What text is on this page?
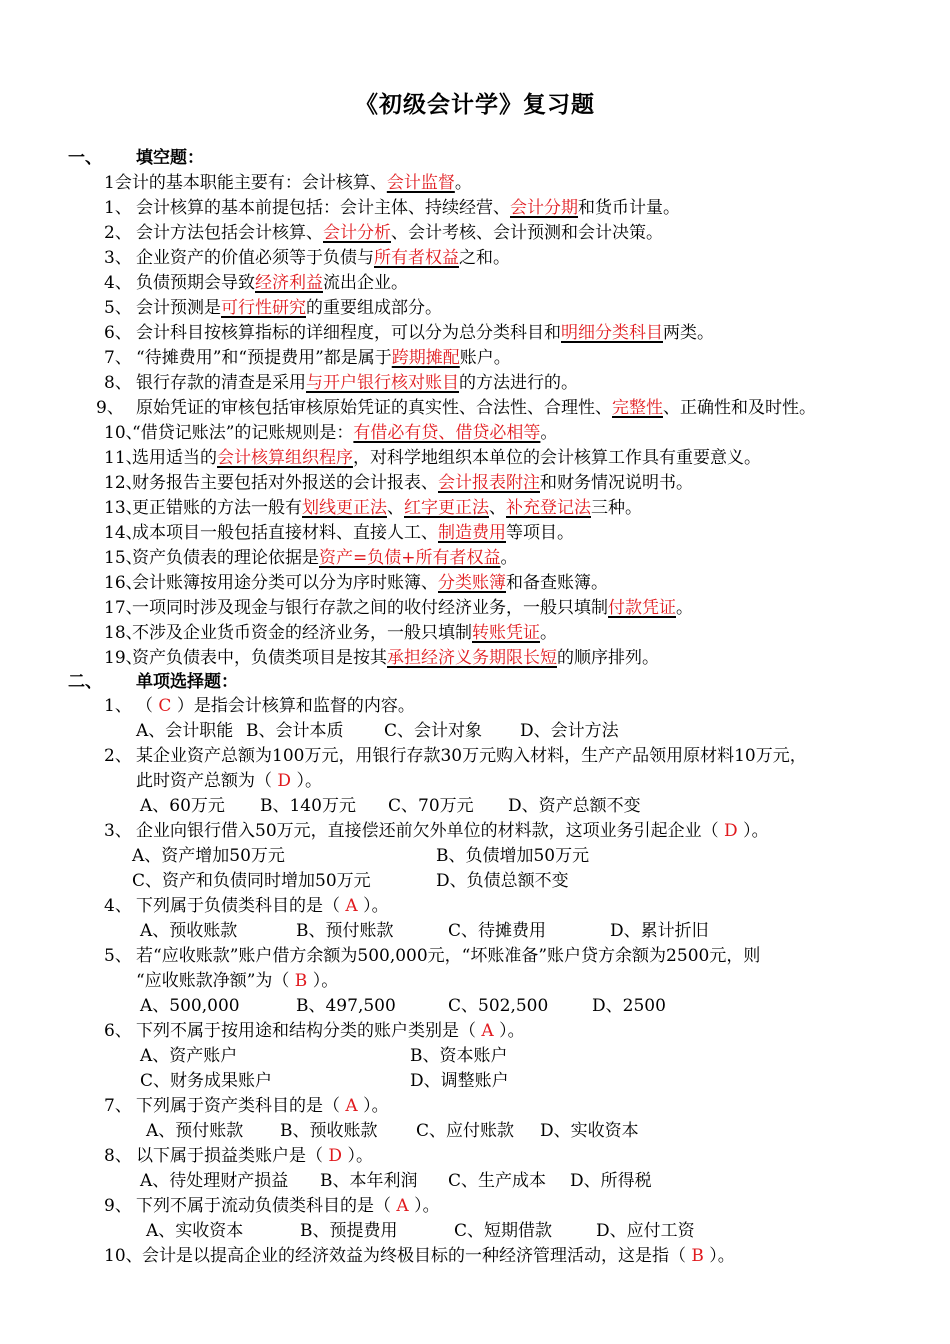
《初级会计学》复习题
一、 填空题：
1会计的基本职能主要有：会计核算、会计监督。
1、 会计核算的基本前提包括：会计主体、持续经营、会计分期和货币计量。
2、 会计方法包括会计核算、会计分析、会计考核、会计预测和会计决策。
3、 企业资产的价值必须等于负债与所有者权益之和。
4、 负债预期会导致经济利益流出企业。
5、 会计预测是可行性研究的重要组成部分。
6、 会计科目按核算指标的详细程度，可以分为总分类科目和明细分类科目两类。
7、 “待摊费用”和“预提费用”都是属于跨期摊配账户。
8、 银行存款的清查是采用与开户银行核对账目的方法进行的。
9、 原始凭证的审核包括审核原始凭证的真实性、合法性、合理性、完整性、正确性和及时性。
10、“借贷记账法”的记账规则是：有借必有贷、借贷必相等。
11、选用适当的会计核算组织程序，对科学地组织本单位的会计核算工作具有重要意义。
12、财务报告主要包括对外报送的会计报表、会计报表附注和财务情况说明书。
13、更正错账的方法一般有划线更正法、红字更正法、补充登记法三种。
14、成本项目一般包括直接材料、直接人工、制造费用等项目。
15、资产负债表的理论依据是资产=负债+所有者权益。
16、会计账簿按用途分类可以分为序时账簿、分类账簿和备查账簿。
17、一项同时涉及现金与银行存款之间的收付经济业务，一般只填制付款凭证。
18、不涉及企业货币资金的经济业务，一般只填制转账凭证。
19、资产负债表中，负债类项目是按其承担经济义务期限长短的顺序排列。
二、 单项选择题：
1、 （ C ）是指会计核算和监督的内容。
A、会计职能 B、会计本质 C、会计对象 D、会计方法
2、 某企业资产总额为100万元，用银行存款30万元购入材料，生产产品领用原材料10万元，
此时资产总额为（ D ）。
A、60万元 B、140万元 C、70万元 D、资产总额不变
3、 企业向银行借入50万元，直接偿还前欠外单位的材料款，这项业务引起企业（ D ）。
A、资产增加50万元	B、负债增加50万元
C、资产和负债同时增加50万元	D、负债总额不变
4、 下列属于负债类科目的是（ A ）。
A、预收账款	B、预付账款	C、待摊费用	D、累计折旧
5、 若“应收账款”账户借方余额为500,000元，“坏账准备”账户贷方余额为2500元，则
“应收账款净额”为（ B ）。
A、500,000	B、497,500	C、502,500	D、2500
6、 下列不属于按用途和结构分类的账户类别是（ A ）。
A、资产账户	B、资本账户
C、财务成果账户	D、调整账户
7、 下列属于资产类科目的是（ A ）。
A、预付账款 B、预收账款 C、应付账款 D、实收资本
8、 以下属于损益类账户是（ D ）。
A、待处理财产损益 B、本年利润 C、生产成本 D、所得税
9、 下列不属于流动负债类科目的是（ A ）。
A、实收资本	B、预提费用	C、短期借款	D、应付工资
10、会计是以提高企业的经济效益为终极目标的一种经济管理活动，这是指（ B ）。
